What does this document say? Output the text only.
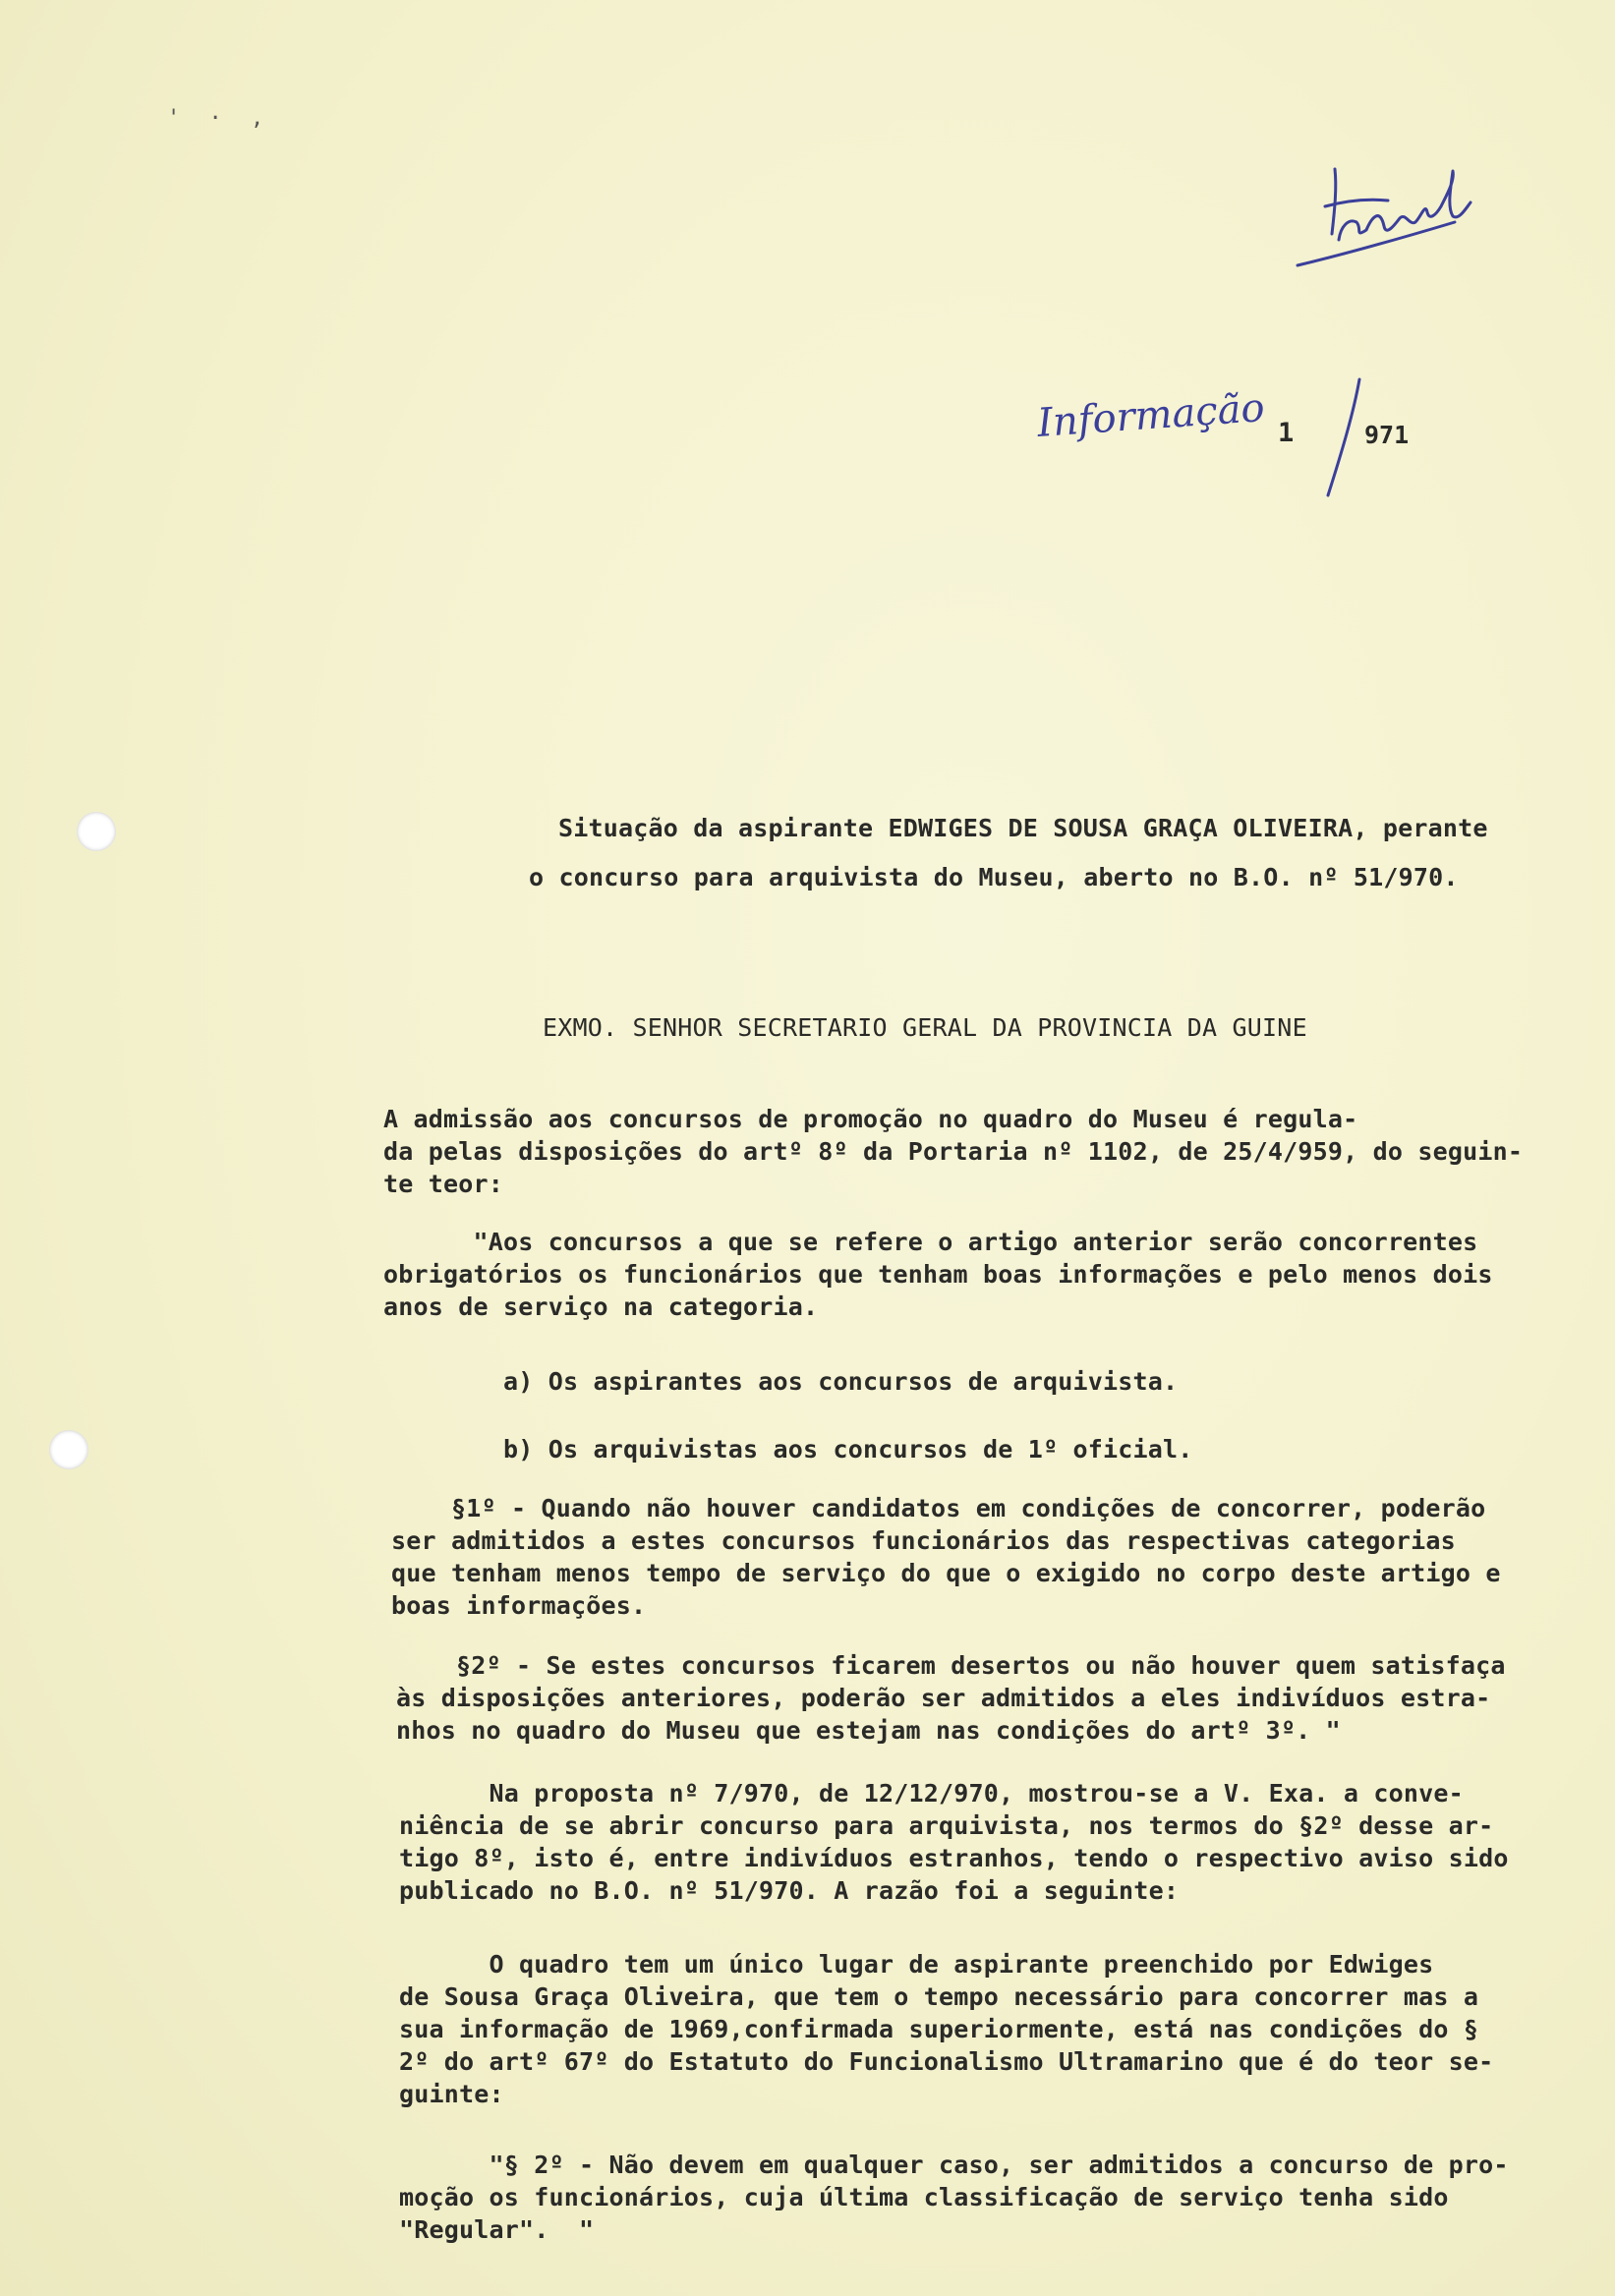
' · ,
Informação 1	971
Situação da aspirante EDWIGES DE SOUSA GRAÇA OLIVEIRA, perante
o concurso para arquivista do Museu, aberto no B.O. nº 51/970.
EXMO. SENHOR SECRETARIO GERAL DA PROVINCIA DA GUINE
A admissão aos concursos de promoção no quadro do Museu é regula-
da pelas disposições do artº 8º da Portaria nº 1102, de 25/4/959, do seguin-
te teor:
"Aos concursos a que se refere o artigo anterior serão concorrentes
obrigatórios os funcionários que tenham boas informações e pelo menos dois
anos de serviço na categoria.
a) Os aspirantes aos concursos de arquivista.
b) Os arquivistas aos concursos de 1º oficial.
§1º - Quando não houver candidatos em condições de concorrer, poderão
ser admitidos a estes concursos funcionários das respectivas categorias
que tenham menos tempo de serviço do que o exigido no corpo deste artigo e
boas informações.
§2º - Se estes concursos ficarem desertos ou não houver quem satisfaça
às disposições anteriores, poderão ser admitidos a eles indivíduos estra-
nhos no quadro do Museu que estejam nas condições do artº 3º. "
Na proposta nº 7/970, de 12/12/970, mostrou-se a V. Exa. a conve-
niência de se abrir concurso para arquivista, nos termos do §2º desse ar-
tigo 8º, isto é, entre indivíduos estranhos, tendo o respectivo aviso sido
publicado no B.O. nº 51/970. A razão foi a seguinte:
O quadro tem um único lugar de aspirante preenchido por Edwiges
de Sousa Graça Oliveira, que tem o tempo necessário para concorrer mas a
sua informação de 1969,confirmada superiormente, está nas condições do §
2º do artº 67º do Estatuto do Funcionalismo Ultramarino que é do teor se-
guinte:
"§ 2º - Não devem em qualquer caso, ser admitidos a concurso de pro-
moção os funcionários, cuja última classificação de serviço tenha sido
"Regular".  "
